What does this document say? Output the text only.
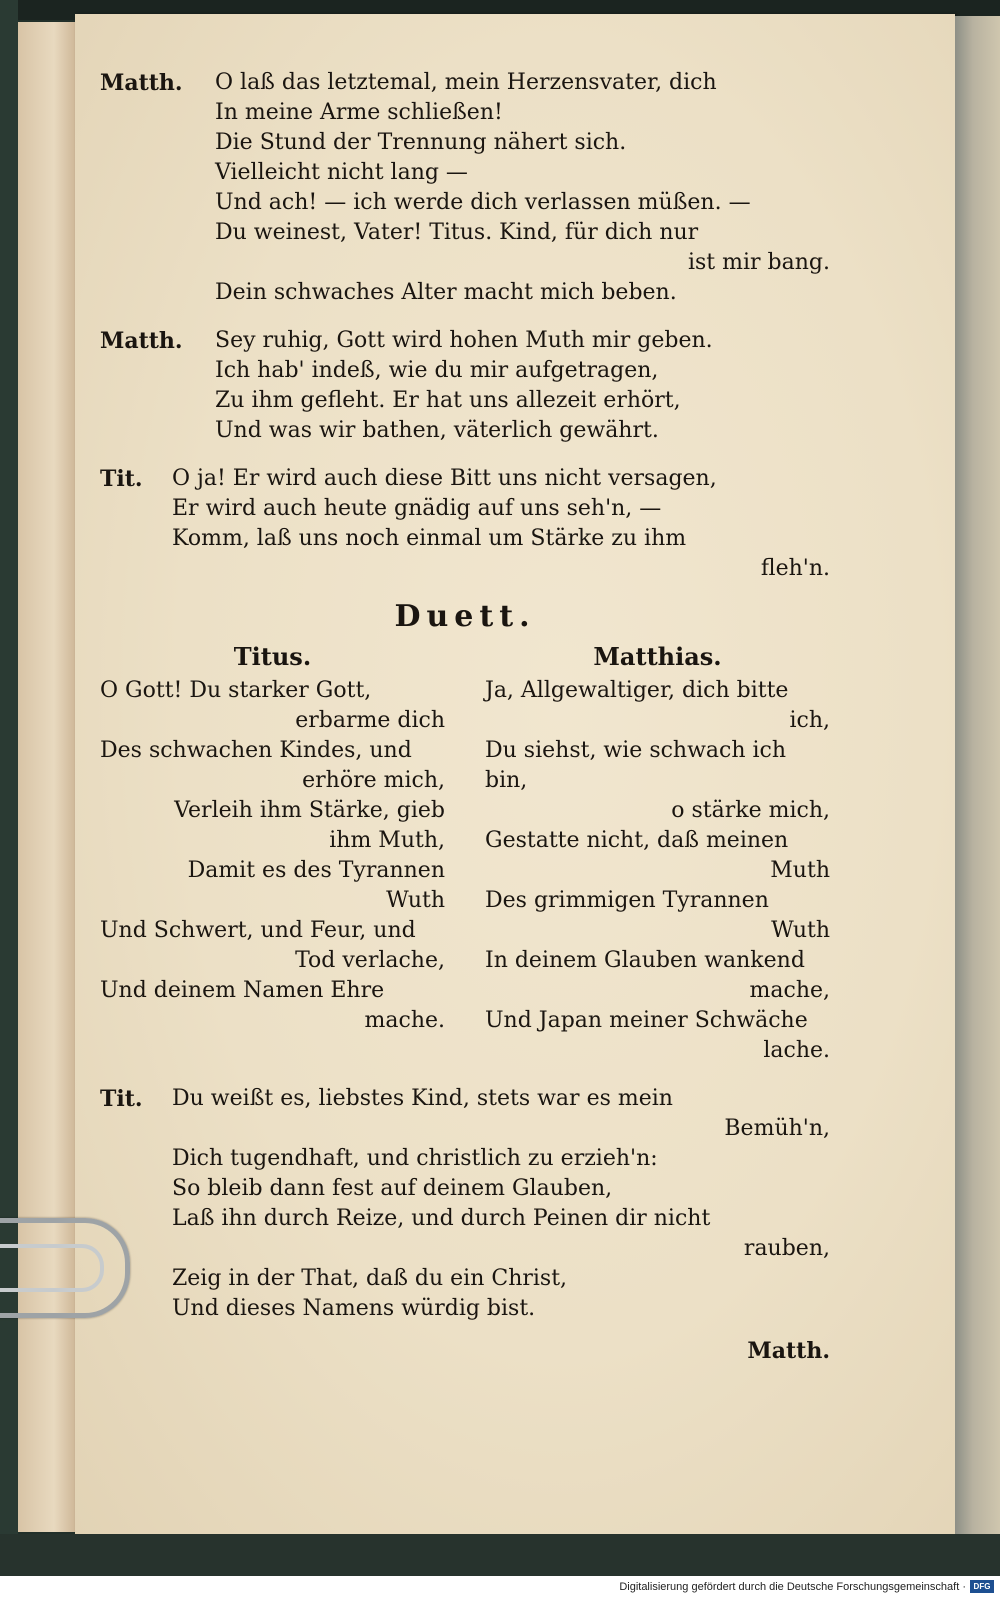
Matth. O laß das letztemal, mein Herzensvater, dich
In meine Arme schließen!
Die Stund der Trennung nähert sich.
Vielleicht nicht lang —
Und ach! — ich werde dich verlassen müßen. —
Du weinest, Vater! Titus. Kind, für dich nur
ist mir bang.
Dein schwaches Alter macht mich beben.
Matth. Sey ruhig, Gott wird hohen Muth mir geben.
Ich hab' indeß, wie du mir aufgetragen,
Zu ihm gefleht. Er hat uns allezeit erhört,
Und was wir bathen, väterlich gewährt.
Tit. O ja! Er wird auch diese Bitt uns nicht versagen,
Er wird auch heute gnädig auf uns seh'n, —
Komm, laß uns noch einmal um Stärke zu ihm
fleh'n.
Duett.
Titus.
O Gott! Du starker Gott,
erbarme dich
Des schwachen Kindes, und
erhöre mich,
Verleih ihm Stärke, gieb
ihm Muth,
Damit es des Tyrannen
Wuth
Und Schwert, und Feur, und
Tod verlache,
Und deinem Namen Ehre
mache.
Matthias.
Ja, Allgewaltiger, dich bitte
ich,
Du siehst, wie schwach ich bin,
o stärke mich,
Gestatte nicht, daß meinen
Muth
Des grimmigen Tyrannen
Wuth
In deinem Glauben wankend
mache,
Und Japan meiner Schwäche
lache.
Tit. Du weißt es, liebstes Kind, stets war es mein
Bemüh'n,
Dich tugendhaft, und christlich zu erzieh'n:
So bleib dann fest auf deinem Glauben,
Laß ihn durch Reize, und durch Peinen dir nicht
rauben,
Zeig in der That, daß du ein Christ,
Und dieses Namens würdig bist.
Matth.
Digitalisierung gefördert durch die Deutsche Forschungsgemeinschaft · DFG
